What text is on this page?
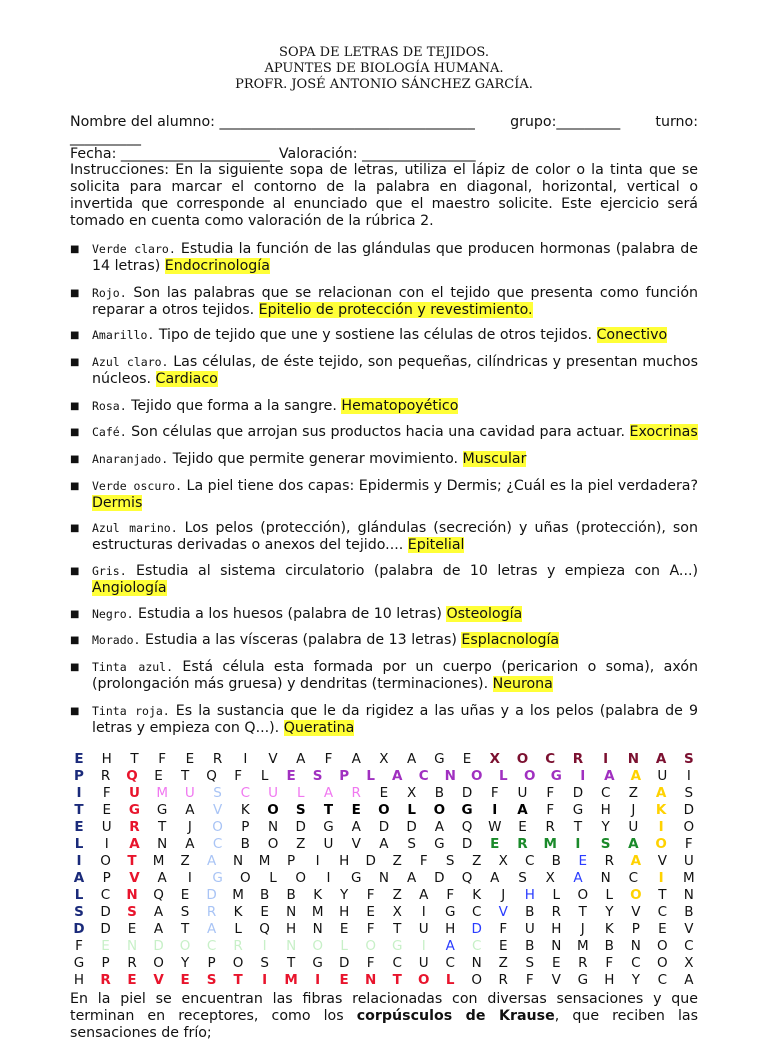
SOPA DE LETRAS DE TEJIDOS.
APUNTES DE BIOLOGÍA HUMANA.
PROFR. JOSÉ ANTONIO SÁNCHEZ GARCÍA.
Nombre del alumno: ____________________________________ grupo:_________ turno:
__________
Fecha: _____________________ Valoración: ________________
Instrucciones: En la siguiente sopa de letras, utiliza el lápiz de color o la tinta que se solicita para marcar el contorno de la palabra en diagonal, horizontal, vertical o invertida que corresponde al enunciado que el maestro solicite. Este ejercicio será tomado en cuenta como valoración de la rúbrica 2.
■ Verde claro. Estudia la función de las glándulas que producen hormonas (palabra de 14 letras) Endocrinología
■ Rojo. Son las palabras que se relacionan con el tejido que presenta como función reparar a otros tejidos. Epitelio de protección y revestimiento.
■ Amarillo. Tipo de tejido que une y sostiene las células de otros tejidos. Conectivo
■ Azul claro. Las células, de éste tejido, son pequeñas, cilíndricas y presentan muchos núcleos. Cardiaco
■ Rosa. Tejido que forma a la sangre. Hematopoyético
■ Café. Son células que arrojan sus productos hacia una cavidad para actuar. Exocrinas
■ Anaranjado. Tejido que permite generar movimiento. Muscular
■ Verde oscuro. La piel tiene dos capas: Epidermis y Dermis; ¿Cuál es la piel verdadera? Dermis
■ Azul marino. Los pelos (protección), glándulas (secreción) y uñas (protección), son estructuras derivadas o anexos del tejido.... Epitelial
■ Gris. Estudia al sistema circulatorio (palabra de 10 letras y empieza con A...) Angiología
■ Negro. Estudia a los huesos (palabra de 10 letras) Osteología
■ Morado. Estudia a las vísceras (palabra de 13 letras) Esplacnología
■ Tinta azul. Está célula esta formada por un cuerpo (pericarion o soma), axón (prolongación más gruesa) y dendritas (terminaciones). Neurona
■ Tinta roja. Es la sustancia que le da rigidez a las uñas y a los pelos (palabra de 9 letras y empieza con Q...). Queratina
E	H	T	F	E	R	I	V	A	F	A	X	A	G	E	X O C R	I	N A	S
P	R	Q	E	T	Q	F	L	E	S	P	L	A C N O	L	O G	I	A A U	I
I	F	U M U	S	C	U	L	A	R	E	X	B	D	F	U	F	D	C	Z	A	S
T	E	G G	A	V	K	O	S	T	E	O	L	O G	I	A	F	G H	J	K D
E	U	R	T	J	O	P	N D G	A	D D	A	Q W	E	R	T	Y	U	I	O
L	I	A N	A	C	B	O	Z	U	V	A	S	G D	E	R M	I	S	A O	F
I	O	T	M	Z	A	N M	P	I	H D	Z	F	S	Z	X	C	B	E	R	A	V	U
A	P	V	A	I	G O	L	O	I	G N	A	D Q	A	S	X	A	N	C	I	M
L	C	N Q	E	D M	B	B	K	Y	F	Z	A	F	K	J	H	L	O	L	O	T	N
S	D	S	A	S	R	K	E	N M H	E	X	I	G	C	V	B	R	T	Y	V	C	B
D D	E	A	T	A	L	Q H N	E	F	T	U	H D	F	U	H	J	K	P	E	V
F	E	N D O	C	R	I	N O	L	O G	I	A	C	E	B	N M	B	N O	C
G	P	R	O	Y	P	O	S	T	G D	F	C	U	C	N	Z	S	E	R	F	C	O	X
H R	E	V	E	S	T	I	M	I	E	N	T	O	L	O	R	F	V	G H	Y	C	A
En la piel se encuentran las fibras relacionadas con diversas sensaciones y que terminan en receptores, como los corpúsculos de Krause, que reciben las sensaciones de frío;
